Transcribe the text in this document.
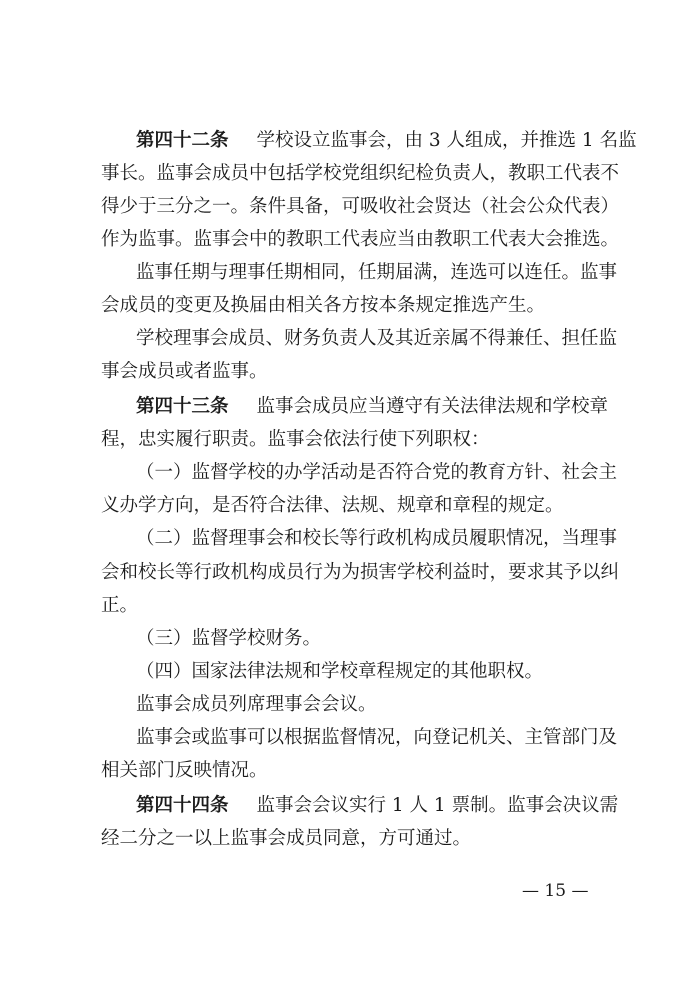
第四十二条 学校设立监事会，由 3 人组成，并推选 1 名监
事长。监事会成员中包括学校党组织纪检负责人，教职工代表不
得少于三分之一。条件具备，可吸收社会贤达（社会公众代表）
作为监事。监事会中的教职工代表应当由教职工代表大会推选。
监事任期与理事任期相同，任期届满，连选可以连任。监事
会成员的变更及换届由相关各方按本条规定推选产生。
学校理事会成员、财务负责人及其近亲属不得兼任、担任监
事会成员或者监事。
第四十三条 监事会成员应当遵守有关法律法规和学校章
程，忠实履行职责。监事会依法行使下列职权：
（一）监督学校的办学活动是否符合党的教育方针、社会主
义办学方向，是否符合法律、法规、规章和章程的规定。
（二）监督理事会和校长等行政机构成员履职情况，当理事
会和校长等行政机构成员行为为损害学校利益时，要求其予以纠
正。
（三）监督学校财务。
（四）国家法律法规和学校章程规定的其他职权。
监事会成员列席理事会会议。
监事会或监事可以根据监督情况，向登记机关、主管部门及
相关部门反映情况。
第四十四条 监事会会议实行 1 人 1 票制。监事会决议需
经二分之一以上监事会成员同意，方可通过。
— 15 —
